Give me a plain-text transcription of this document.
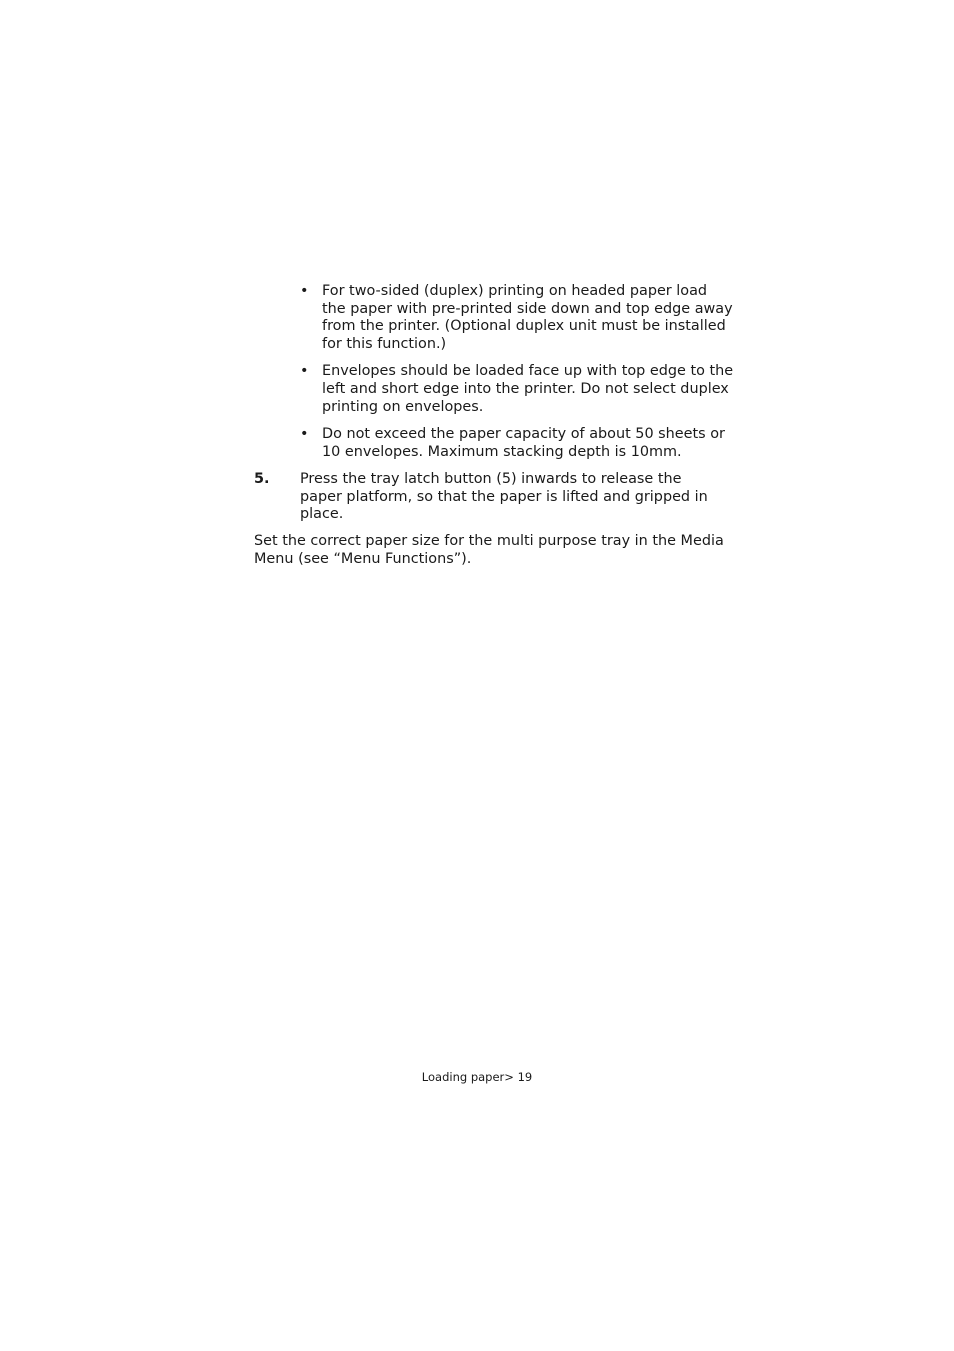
• For two-sided (duplex) printing on headed paper load the paper with pre-printed side down and top edge away from the printer. (Optional duplex unit must be installed for this function.)
• Envelopes should be loaded face up with top edge to the left and short edge into the printer. Do not select duplex printing on envelopes.
• Do not exceed the paper capacity of about 50 sheets or 10 envelopes. Maximum stacking depth is 10mm.
5.	Press the tray latch button (5) inwards to release the paper platform, so that the paper is lifted and gripped in place.

Set the correct paper size for the multi purpose tray in the Media Menu (see “Menu Functions”).

Loading paper> 19
